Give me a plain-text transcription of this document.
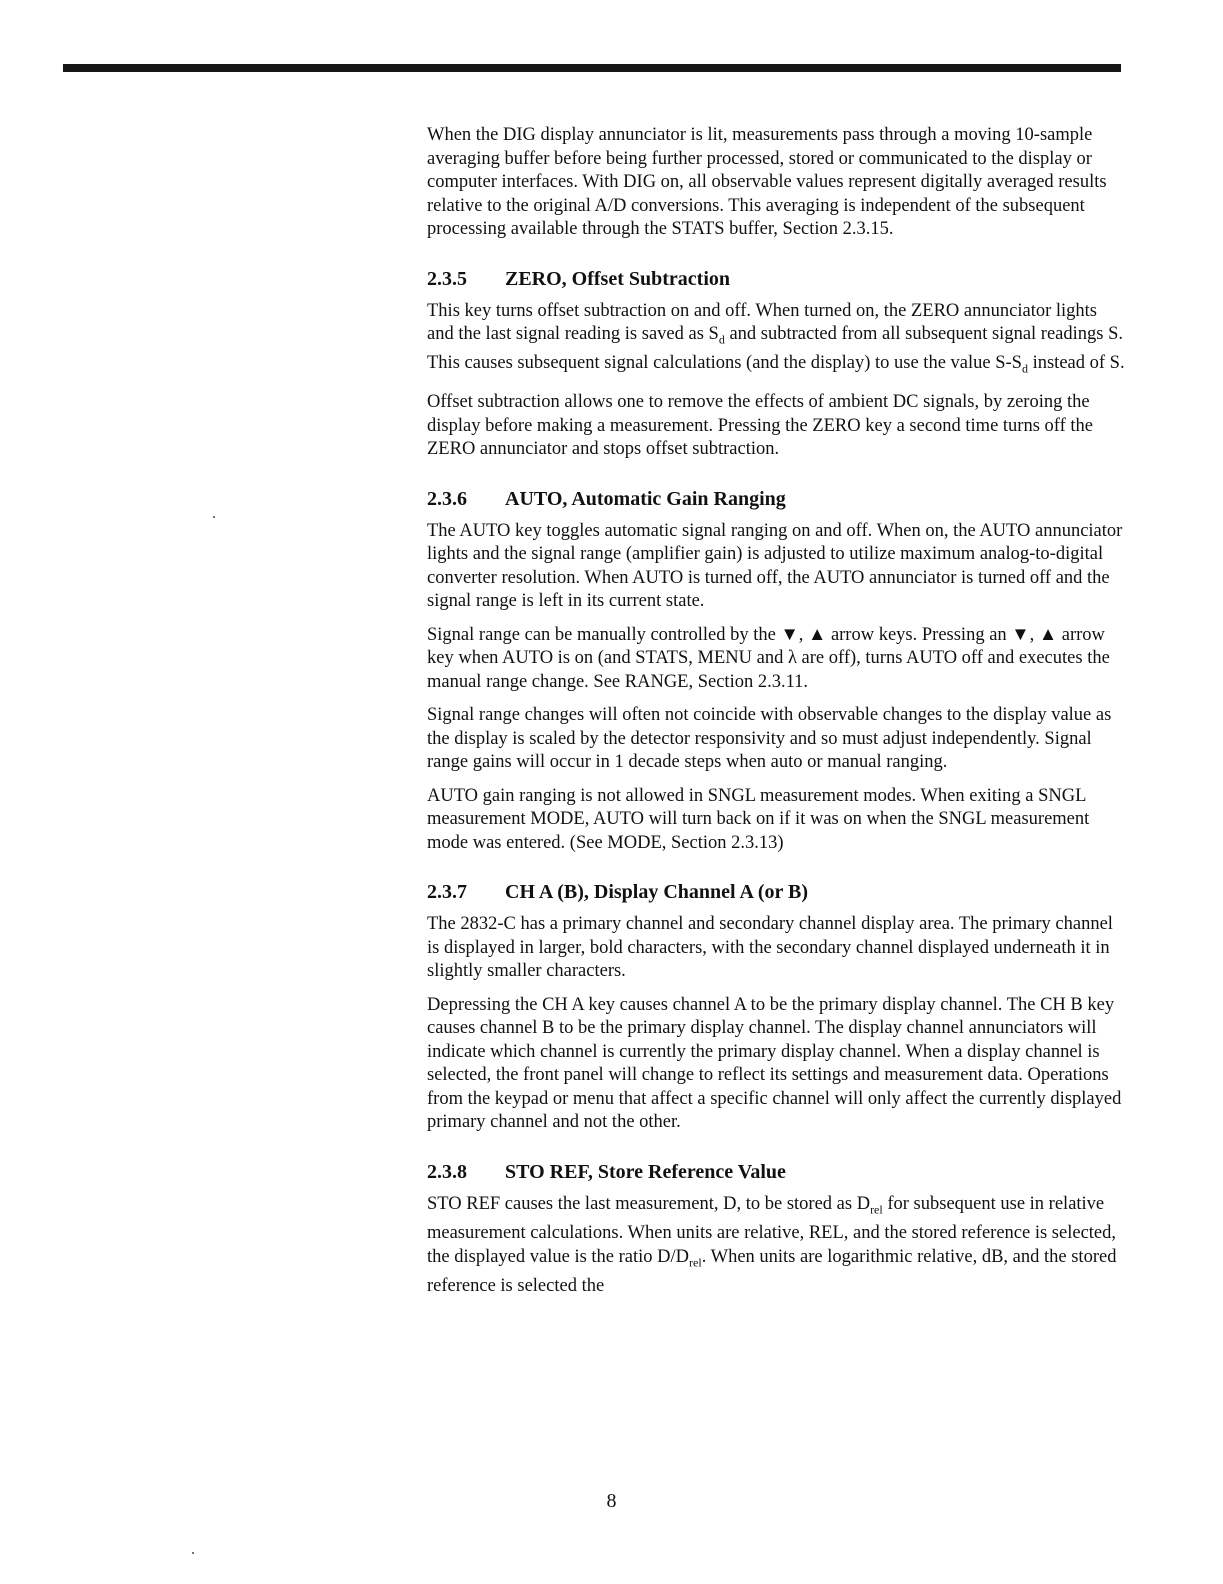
When the DIG display annunciator is lit, measurements pass through a moving 10-sample averaging buffer before being further processed, stored or communicated to the display or computer interfaces. With DIG on, all observable values represent digitally averaged results relative to the original A/D conversions. This averaging is independent of the subsequent processing available through the STATS buffer, Section 2.3.15.

2.3.5 ZERO, Offset Subtraction

This key turns offset subtraction on and off. When turned on, the ZERO annunciator lights and the last signal reading is saved as $S_d$ and subtracted from all subsequent signal readings S. This causes subsequent signal calculations (and the display) to use the value $S-S_d$ instead of S.

Offset subtraction allows one to remove the effects of ambient DC signals, by zeroing the display before making a measurement. Pressing the ZERO key a second time turns off the ZERO annunciator and stops offset subtraction.

2.3.6 AUTO, Automatic Gain Ranging

The AUTO key toggles automatic signal ranging on and off. When on, the AUTO annunciator lights and the signal range (amplifier gain) is adjusted to utilize maximum analog-to-digital converter resolution. When AUTO is turned off, the AUTO annunciator is turned off and the signal range is left in its current state.

Signal range can be manually controlled by the ▼, ▲ arrow keys. Pressing an ▼, ▲ arrow key when AUTO is on (and STATS, MENU and λ are off), turns AUTO off and executes the manual range change. See RANGE, Section 2.3.11.

Signal range changes will often not coincide with observable changes to the display value as the display is scaled by the detector responsivity and so must adjust independently. Signal range gains will occur in 1 decade steps when auto or manual ranging.

AUTO gain ranging is not allowed in SNGL measurement modes. When exiting a SNGL measurement MODE, AUTO will turn back on if it was on when the SNGL measurement mode was entered. (See MODE, Section 2.3.13)

2.3.7 CH A (B), Display Channel A (or B)

The 2832-C has a primary channel and secondary channel display area. The primary channel is displayed in larger, bold characters, with the secondary channel displayed underneath it in slightly smaller characters.

Depressing the CH A key causes channel A to be the primary display channel. The CH B key causes channel B to be the primary display channel. The display channel annunciators will indicate which channel is currently the primary display channel. When a display channel is selected, the front panel will change to reflect its settings and measurement data. Operations from the keypad or menu that affect a specific channel will only affect the currently displayed primary channel and not the other.

2.3.8 STO REF, Store Reference Value

STO REF causes the last measurement, D, to be stored as $D_{rel}$ for subsequent use in relative measurement calculations. When units are relative, REL, and the stored reference is selected, the displayed value is the ratio $D/D_{rel}$. When units are logarithmic relative, dB, and the stored reference is selected the

8
